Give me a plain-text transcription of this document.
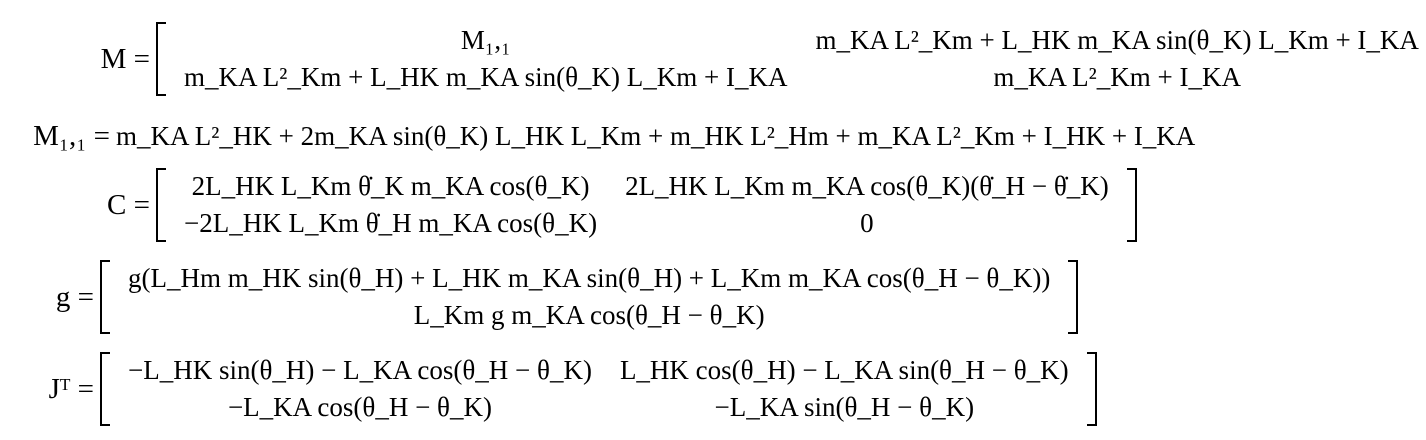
M =
M₁,₁	m_KA L²_Km + L_HK m_KA sin(θ_K) L_Km + I_KA
m_KA L²_Km + L_HK m_KA sin(θ_K) L_Km + I_KA	m_KA L²_Km + I_KA
M₁,₁ = m_KA L²_HK + 2m_KA sin(θ_K) L_HK L_Km + m_HK L²_Hm + m_KA L²_Km + I_HK + I_KA
C =
2L_HK L_Km θ̇_K m_KA cos(θ_K)	2L_HK L_Km m_KA cos(θ_K)(θ̇_H − θ̇_K)
−2L_HK L_Km θ̇_H m_KA cos(θ_K)	0
g =
g(L_Hm m_HK sin(θ_H) + L_HK m_KA sin(θ_H) + L_Km m_KA cos(θ_H − θ_K))
L_Km g m_KA cos(θ_H − θ_K)
Jᵀ =
−L_HK sin(θ_H) − L_KA cos(θ_H − θ_K)	L_HK cos(θ_H) − L_KA sin(θ_H − θ_K)
−L_KA cos(θ_H − θ_K)	−L_KA sin(θ_H − θ_K)
